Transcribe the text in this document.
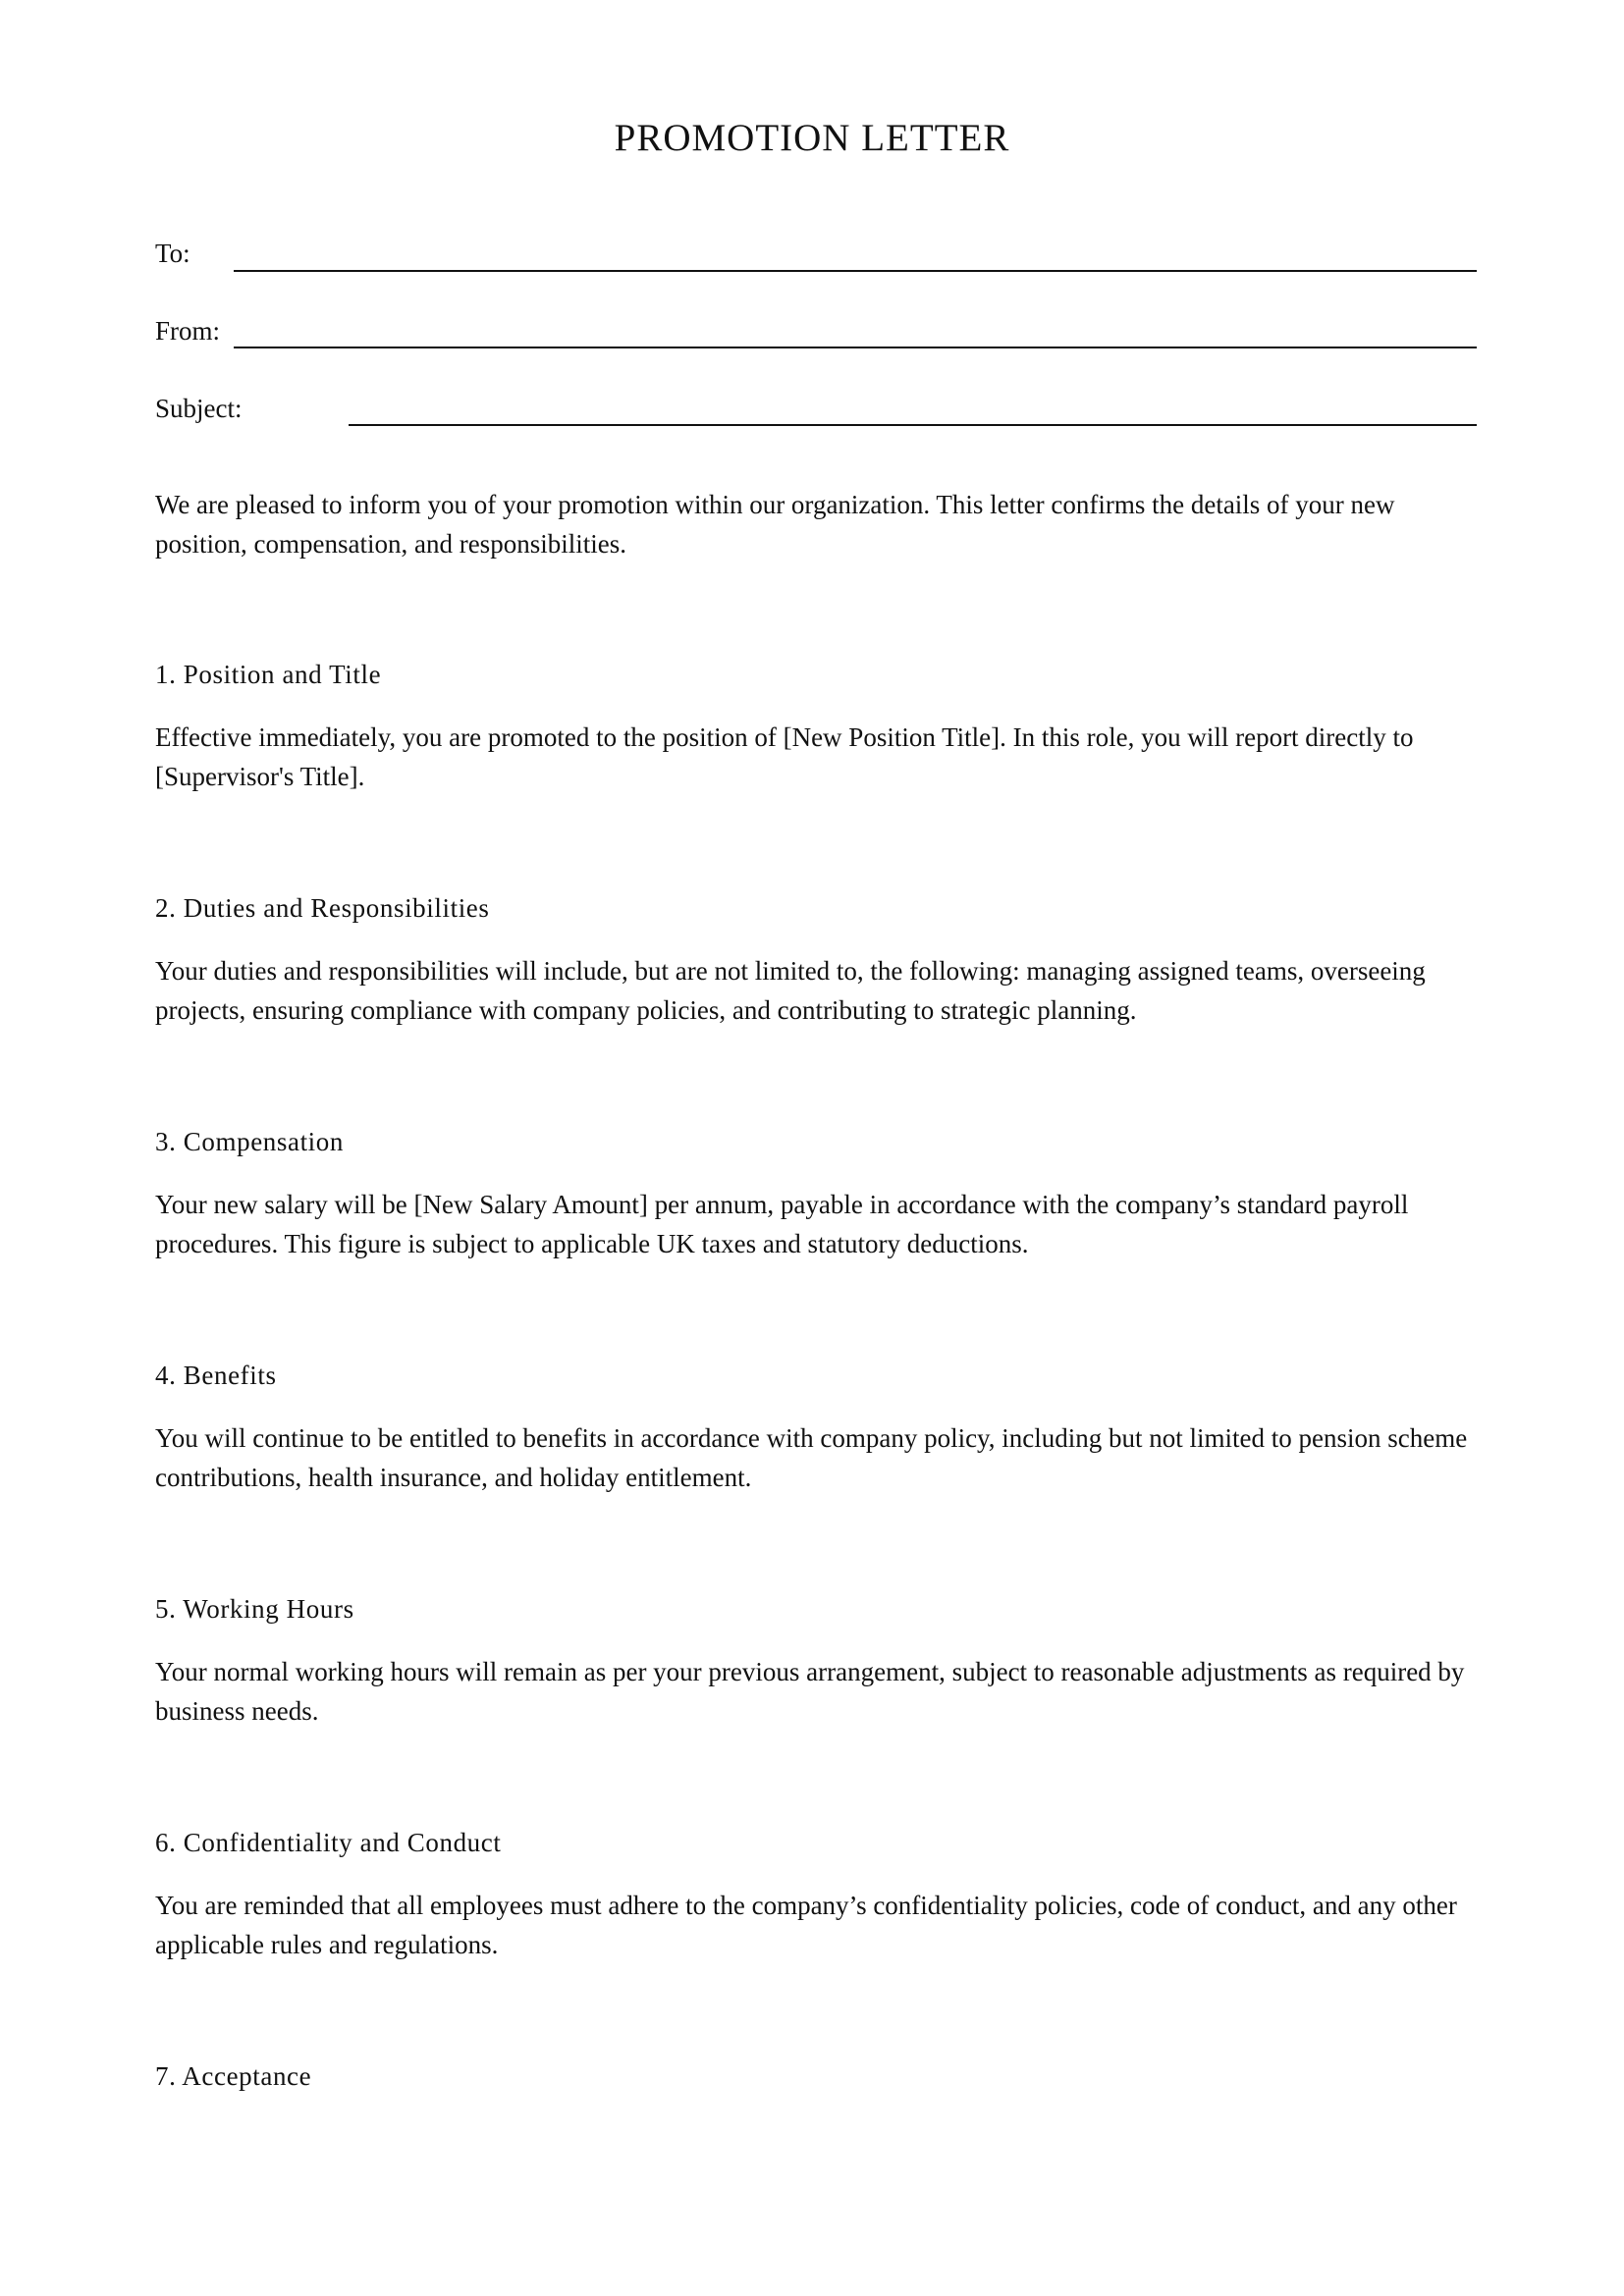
PROMOTION LETTER
To:
From:
Subject:

We are pleased to inform you of your promotion within our organization. This letter confirms the details of your new position, compensation, and responsibilities.

1. Position and Title

Effective immediately, you are promoted to the position of [New Position Title]. In this role, you will report directly to [Supervisor's Title].

2. Duties and Responsibilities

Your duties and responsibilities will include, but are not limited to, the following: managing assigned teams, overseeing projects, ensuring compliance with company policies, and contributing to strategic planning.

3. Compensation

Your new salary will be [New Salary Amount] per annum, payable in accordance with the company’s standard payroll procedures. This figure is subject to applicable UK taxes and statutory deductions.

4. Benefits

You will continue to be entitled to benefits in accordance with company policy, including but not limited to pension scheme contributions, health insurance, and holiday entitlement.

5. Working Hours

Your normal working hours will remain as per your previous arrangement, subject to reasonable adjustments as required by business needs.

6. Confidentiality and Conduct

You are reminded that all employees must adhere to the company’s confidentiality policies, code of conduct, and any other applicable rules and regulations.

7. Acceptance
